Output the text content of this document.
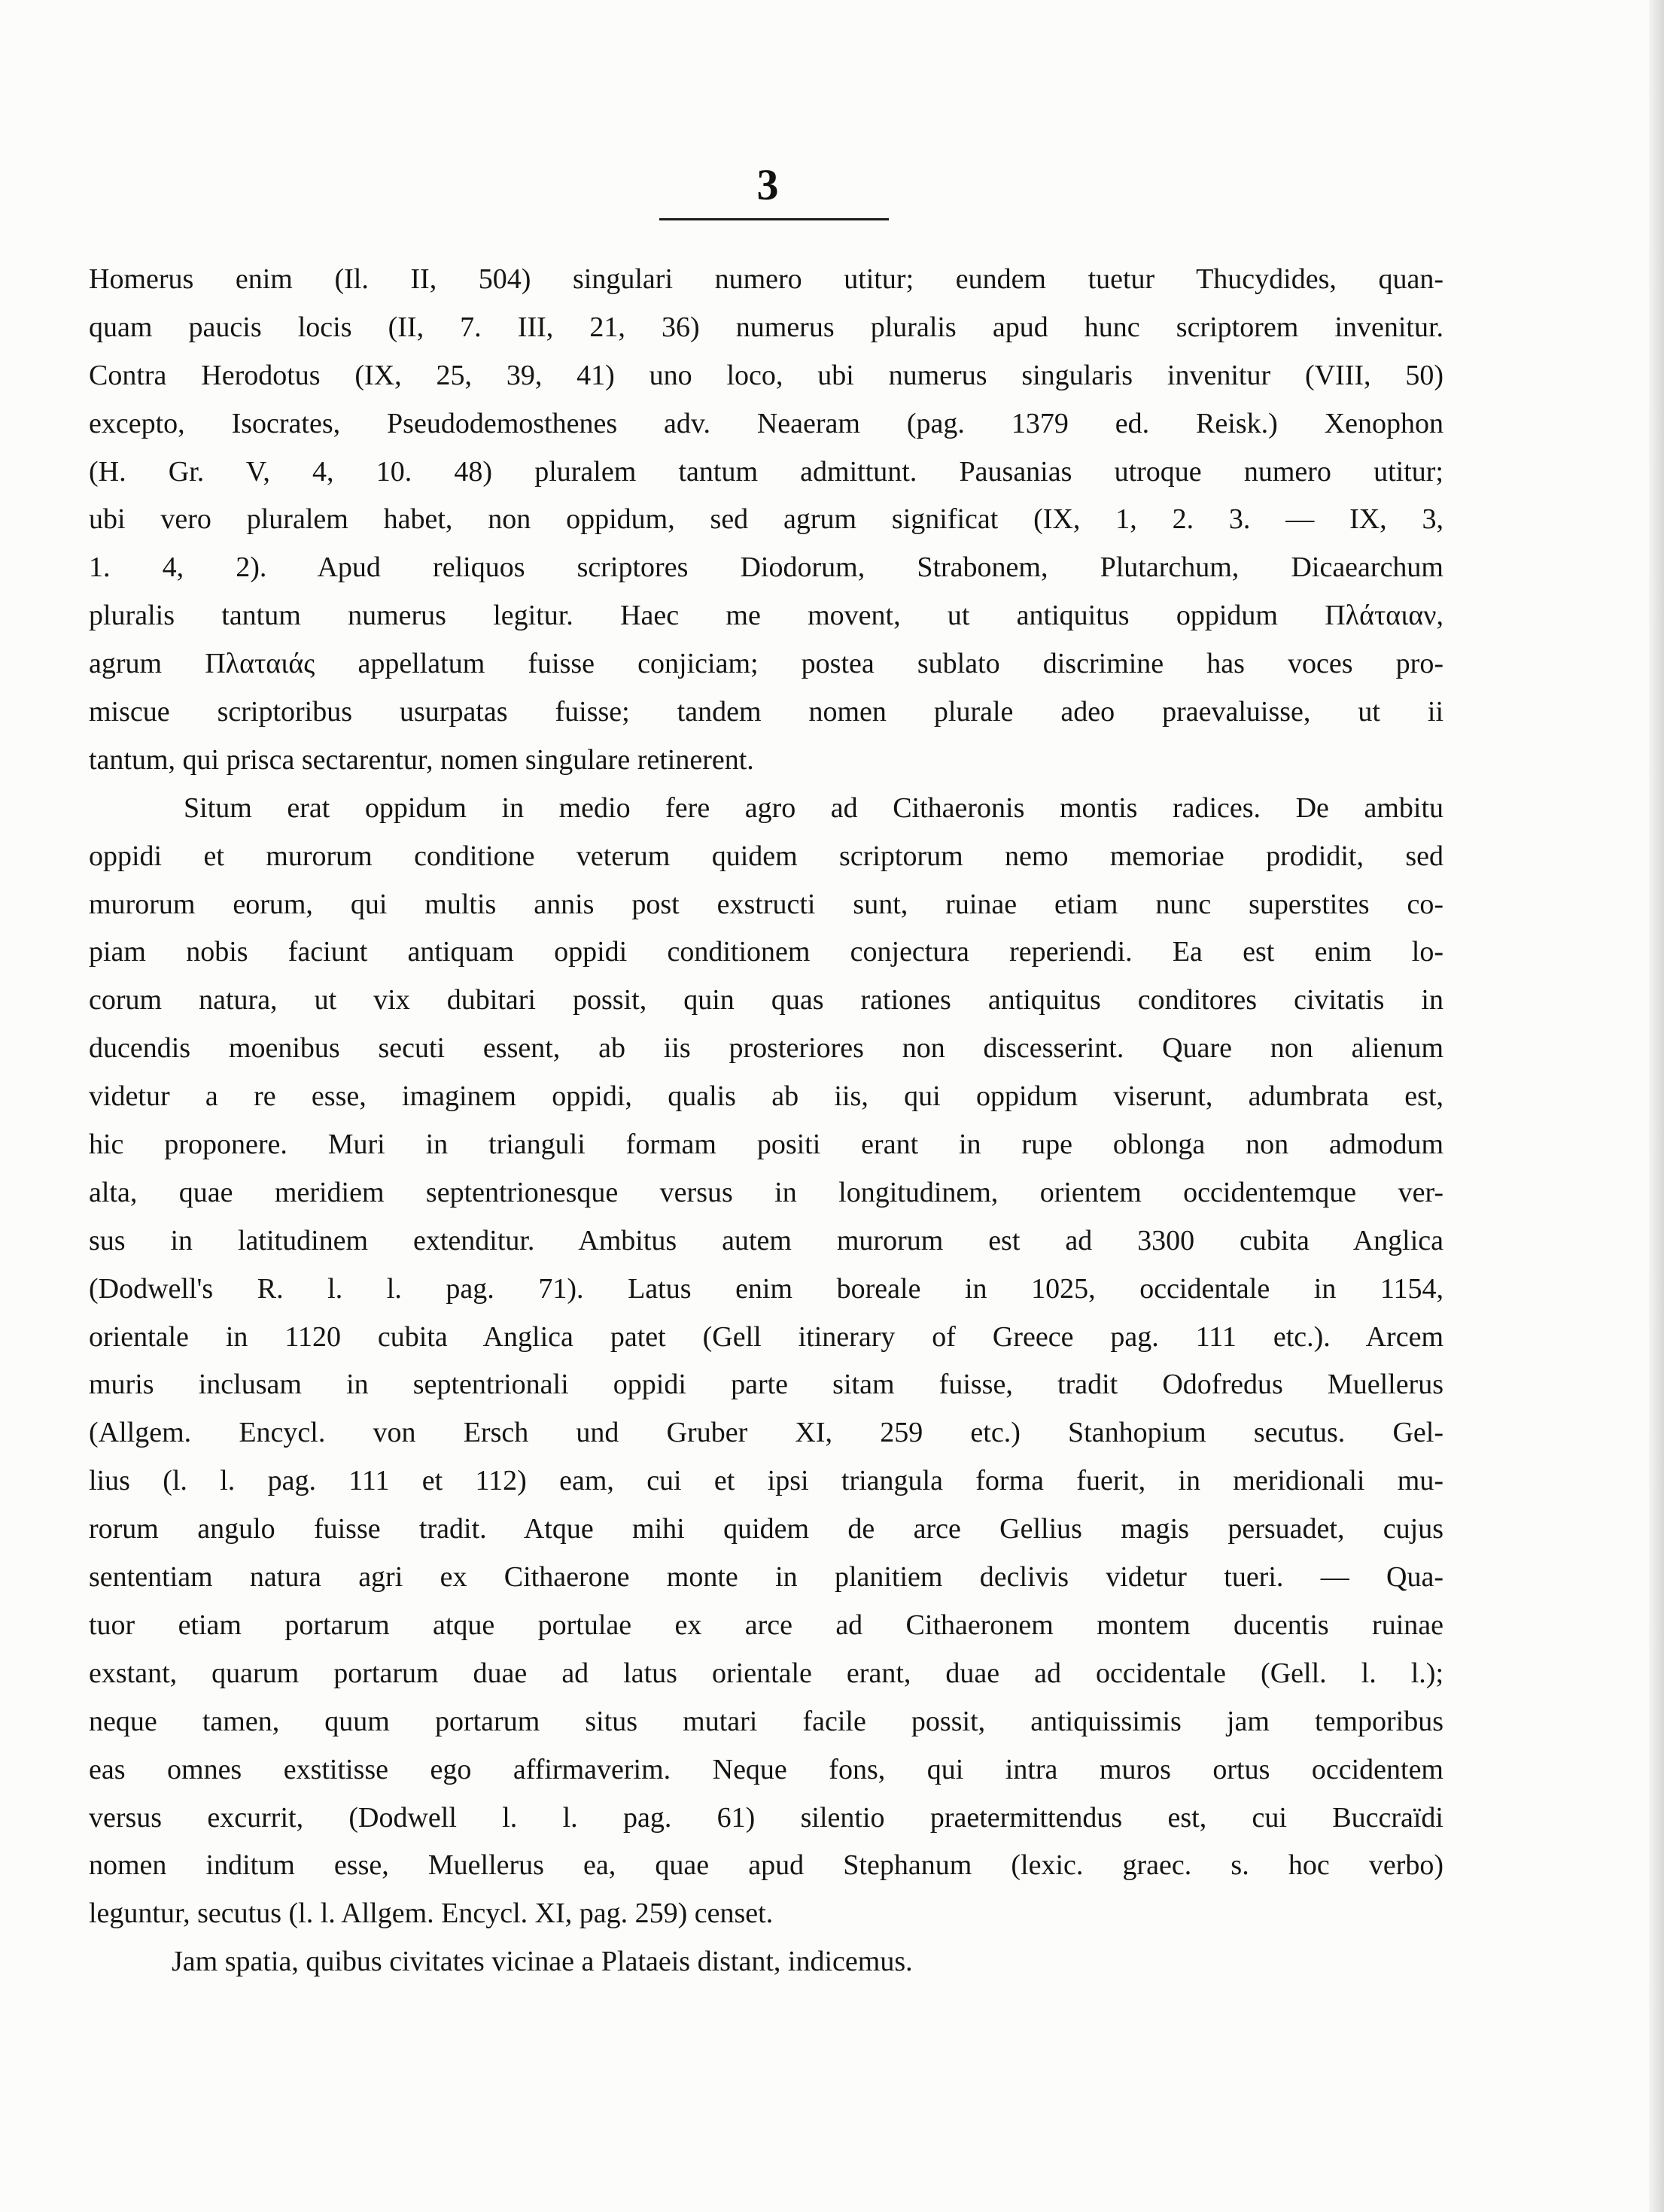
3
Homerus enim (Il. II, 504) singulari numero utitur; eundem tuetur Thucydides, quan-
quam paucis locis (II, 7. III, 21, 36) numerus pluralis apud hunc scriptorem invenitur.
Contra Herodotus (IX, 25, 39, 41) uno loco, ubi numerus singularis invenitur (VIII, 50)
excepto, Isocrates, Pseudodemosthenes adv. Neaeram (pag. 1379 ed. Reisk.) Xenophon
(H. Gr. V, 4, 10. 48) pluralem tantum admittunt. Pausanias utroque numero utitur;
ubi vero pluralem habet, non oppidum, sed agrum significat (IX, 1, 2. 3. — IX, 3,
1. 4, 2). Apud reliquos scriptores Diodorum, Strabonem, Plutarchum, Dicaearchum
pluralis tantum numerus legitur. Haec me movent, ut antiquitus oppidum Πλάταιαν,
agrum Πλαταιάς appellatum fuisse conjiciam; postea sublato discrimine has voces pro-
miscue scriptoribus usurpatas fuisse; tandem nomen plurale adeo praevaluisse, ut ii
tantum, qui prisca sectarentur, nomen singulare retinerent.
Situm erat oppidum in medio fere agro ad Cithaeronis montis radices. De ambitu
oppidi et murorum conditione veterum quidem scriptorum nemo memoriae prodidit, sed
murorum eorum, qui multis annis post exstructi sunt, ruinae etiam nunc superstites co-
piam nobis faciunt antiquam oppidi conditionem conjectura reperiendi. Ea est enim lo-
corum natura, ut vix dubitari possit, quin quas rationes antiquitus conditores civitatis in
ducendis moenibus secuti essent, ab iis prosteriores non discesserint. Quare non alienum
videtur a re esse, imaginem oppidi, qualis ab iis, qui oppidum viserunt, adumbrata est,
hic proponere. Muri in trianguli formam positi erant in rupe oblonga non admodum
alta, quae meridiem septentrionesque versus in longitudinem, orientem occidentemque ver-
sus in latitudinem extenditur. Ambitus autem murorum est ad 3300 cubita Anglica
(Dodwell's R. l. l. pag. 71). Latus enim boreale in 1025, occidentale in 1154,
orientale in 1120 cubita Anglica patet (Gell itinerary of Greece pag. 111 etc.). Arcem
muris inclusam in septentrionali oppidi parte sitam fuisse, tradit Odofredus Muellerus
(Allgem. Encycl. von Ersch und Gruber XI, 259 etc.) Stanhopium secutus. Gel-
lius (l. l. pag. 111 et 112) eam, cui et ipsi triangula forma fuerit, in meridionali mu-
rorum angulo fuisse tradit. Atque mihi quidem de arce Gellius magis persuadet, cujus
sententiam natura agri ex Cithaerone monte in planitiem declivis videtur tueri. — Qua-
tuor etiam portarum atque portulae ex arce ad Cithaeronem montem ducentis ruinae
exstant, quarum portarum duae ad latus orientale erant, duae ad occidentale (Gell. l. l.);
neque tamen, quum portarum situs mutari facile possit, antiquissimis jam temporibus
eas omnes exstitisse ego affirmaverim. Neque fons, qui intra muros ortus occidentem
versus excurrit, (Dodwell l. l. pag. 61) silentio praetermittendus est, cui Buccraïdi
nomen inditum esse, Muellerus ea, quae apud Stephanum (lexic. graec. s. hoc verbo)
leguntur, secutus (l. l. Allgem. Encycl. XI, pag. 259) censet.
Jam spatia, quibus civitates vicinae a Plataeis distant, indicemus.
